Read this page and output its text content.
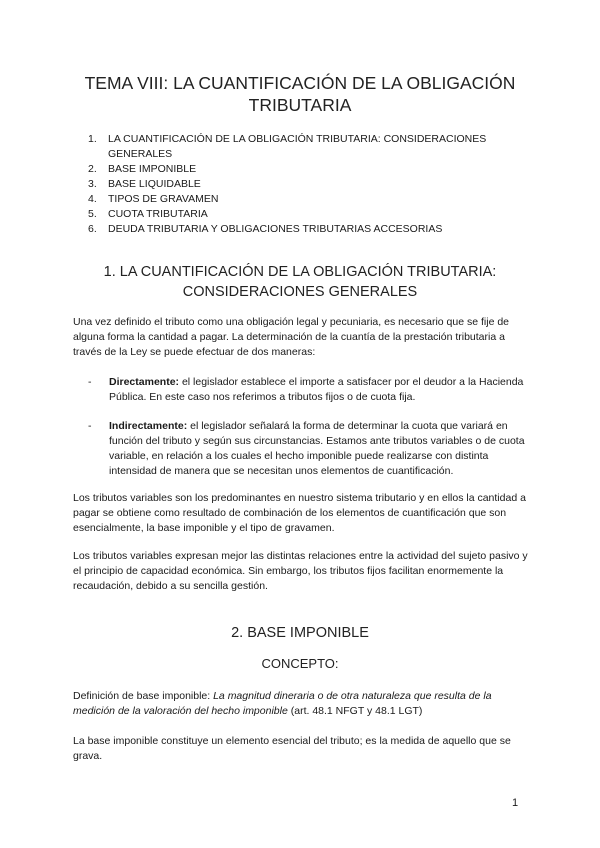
TEMA VIII: LA CUANTIFICACIÓN DE LA OBLIGACIÓN TRIBUTARIA
1. LA CUANTIFICACIÓN DE LA OBLIGACIÓN TRIBUTARIA: CONSIDERACIONES GENERALES
2. BASE IMPONIBLE
3. BASE LIQUIDABLE
4. TIPOS DE GRAVAMEN
5. CUOTA TRIBUTARIA
6. DEUDA TRIBUTARIA Y OBLIGACIONES TRIBUTARIAS ACCESORIAS
1. LA CUANTIFICACIÓN DE LA OBLIGACIÓN TRIBUTARIA: CONSIDERACIONES GENERALES

Una vez definido el tributo como una obligación legal y pecuniaria, es necesario que se fije de alguna forma la cantidad a pagar. La determinación de la cuantía de la prestación tributaria a través de la Ley se puede efectuar de dos maneras:

- Directamente: el legislador establece el importe a satisfacer por el deudor a la Hacienda Pública. En este caso nos referimos a tributos fijos o de cuota fija.

- Indirectamente: el legislador señalará la forma de determinar la cuota que variará en función del tributo y según sus circunstancias. Estamos ante tributos variables o de cuota variable, en relación a los cuales el hecho imponible puede realizarse con distinta intensidad de manera que se necesitan unos elementos de cuantificación.

Los tributos variables son los predominantes en nuestro sistema tributario y en ellos la cantidad a pagar se obtiene como resultado de combinación de los elementos de cuantificación que son esencialmente, la base imponible y el tipo de gravamen.

Los tributos variables expresan mejor las distintas relaciones entre la actividad del sujeto pasivo y el principio de capacidad económica. Sin embargo, los tributos fijos facilitan enormemente la recaudación, debido a su sencilla gestión.

2. BASE IMPONIBLE
CONCEPTO:

Definición de base imponible: La magnitud dineraria o de otra naturaleza que resulta de la medición de la valoración del hecho imponible (art. 48.1 NFGT y 48.1 LGT)

La base imponible constituye un elemento esencial del tributo; es la medida de aquello que se grava.

1
